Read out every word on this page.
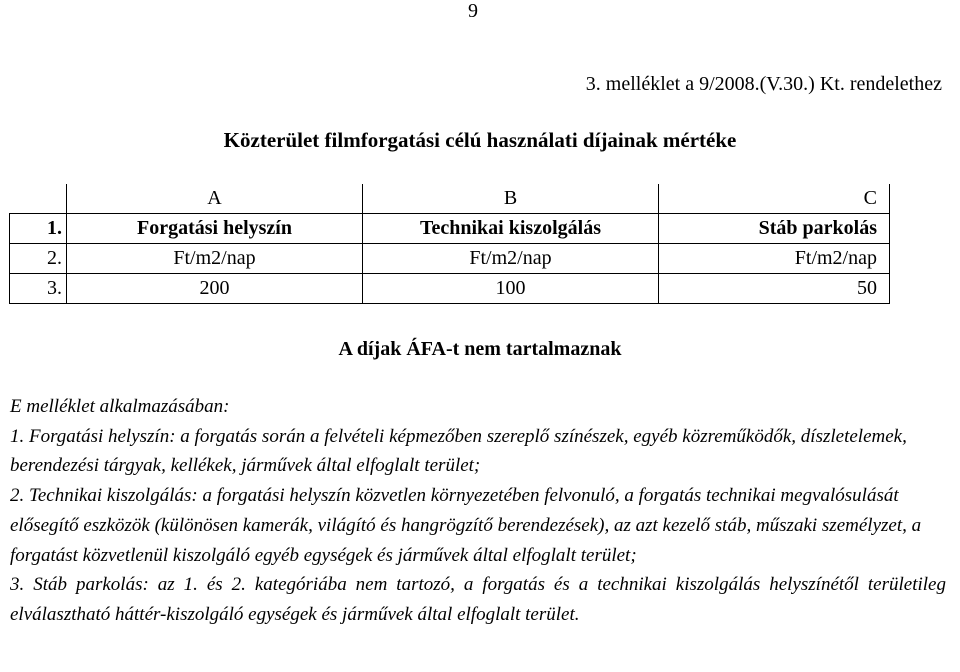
9
3. melléklet a 9/2008.(V.30.) Kt. rendelethez
Közterület filmforgatási célú használati díjainak mértéke
	A	B	C
1.	Forgatási helyszín	Technikai kiszolgálás	Stáb parkolás
2.	Ft/m2/nap	Ft/m2/nap	Ft/m2/nap
3.	200	100	50
A díjak ÁFA-t nem tartalmaznak

E melléklet alkalmazásában:

1. Forgatási helyszín: a forgatás során a felvételi képmezőben szereplő színészek, egyéb közreműködők, díszletelemek, berendezési tárgyak, kellékek, járművek által elfoglalt terület;

2. Technikai kiszolgálás: a forgatási helyszín közvetlen környezetében felvonuló, a forgatás technikai megvalósulását elősegítő eszközök (különösen kamerák, világító és hangrögzítő berendezések), az azt kezelő stáb, műszaki személyzet, a forgatást közvetlenül kiszolgáló egyéb egységek és járművek által elfoglalt terület;

3. Stáb parkolás: az 1. és 2. kategóriába nem tartozó, a forgatás és a technikai kiszolgálás helyszínétől területileg elválasztható háttér-kiszolgáló egységek és járművek által elfoglalt terület.
